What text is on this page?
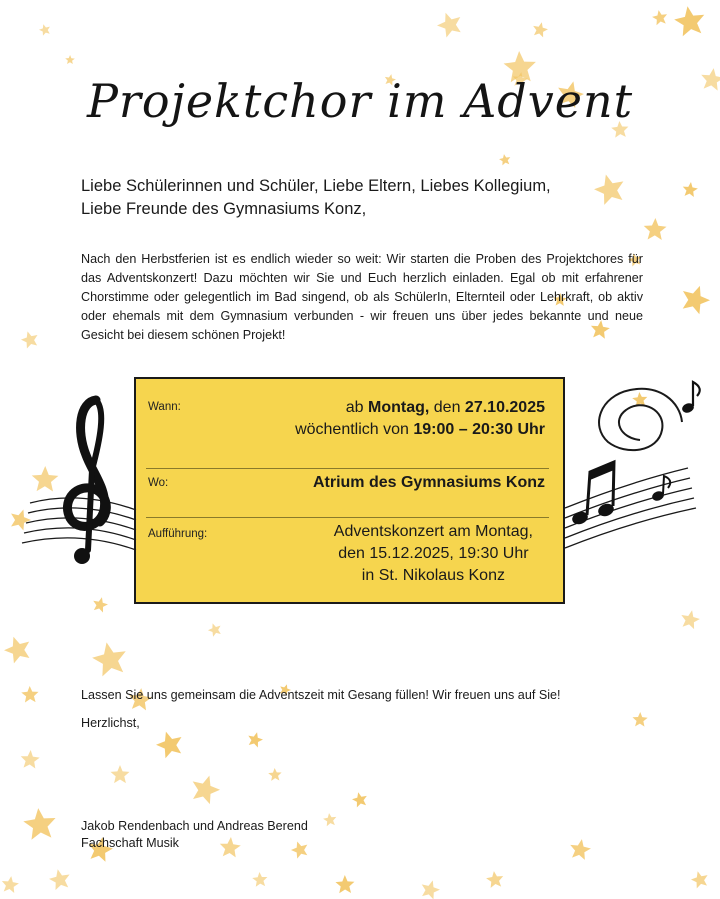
Projektchor im Advent
Liebe Schülerinnen und Schüler, Liebe Eltern, Liebes Kollegium,
Liebe Freunde des Gymnasiums Konz,
Nach den Herbstferien ist es endlich wieder so weit: Wir starten die Proben des Projektchores für das Adventskonzert! Dazu möchten wir Sie und Euch herzlich einladen. Egal ob mit erfahrener Chorstimme oder gelegentlich im Bad singend, ob als SchülerIn, Elternteil oder Lehrkraft, ob aktiv oder ehemals mit dem Gymnasium verbunden - wir freuen uns über jedes bekannte und neue Gesicht bei diesem schönen Projekt!
Wann:	ab Montag, den 27.10.2025
wöchentlich von 19:00 – 20:30 Uhr
Wo:	Atrium des Gymnasiums Konz
Aufführung:	Adventskonzert am Montag,
den 15.12.2025, 19:30 Uhr
in St. Nikolaus Konz
Lassen Sie uns gemeinsam die Adventszeit mit Gesang füllen! Wir freuen uns auf Sie!
Herzlichst,
Jakob Rendenbach und Andreas Berend
Fachschaft Musik
